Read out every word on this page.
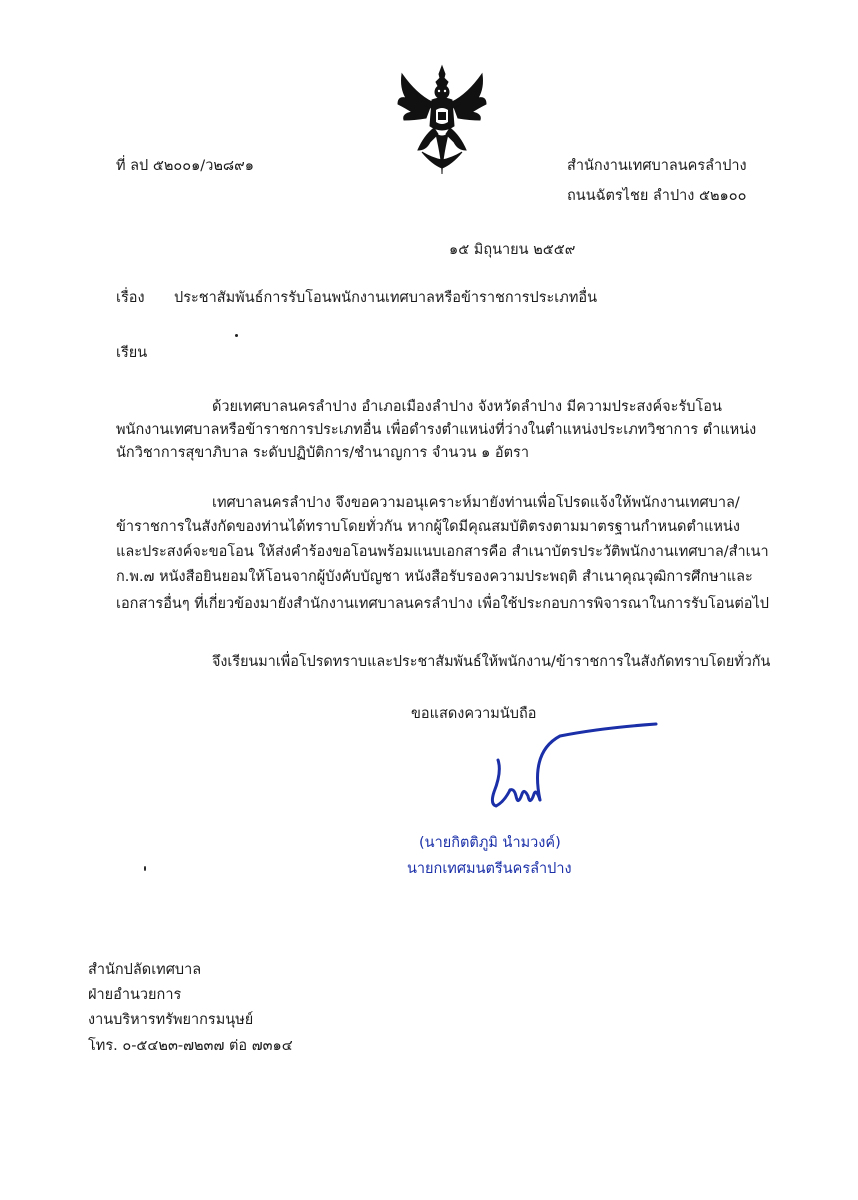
ที่ ลป ๕๒๐๐๑/ว๒๘๙๑	สำนักงานเทศบาลนครลำปาง
ถนนฉัตรไชย ลำปาง ๕๒๑๐๐
๑๕ มิถุนายน ๒๕๕๙
เรื่อง ประชาสัมพันธ์การรับโอนพนักงานเทศบาลหรือข้าราชการประเภทอื่น
เรียน
ด้วยเทศบาลนครลำปาง อำเภอเมืองลำปาง จังหวัดลำปาง มีความประสงค์จะรับโอน
พนักงานเทศบาลหรือข้าราชการประเภทอื่น เพื่อดำรงตำแหน่งที่ว่างในตำแหน่งประเภทวิชาการ ตำแหน่ง
นักวิชาการสุขาภิบาล ระดับปฏิบัติการ/ชำนาญการ จำนวน ๑ อัตรา
เทศบาลนครลำปาง จึงขอความอนุเคราะห์มายังท่านเพื่อโปรดแจ้งให้พนักงานเทศบาล/
ข้าราชการในสังกัดของท่านได้ทราบโดยทั่วกัน หากผู้ใดมีคุณสมบัติตรงตามมาตรฐานกำหนดตำแหน่ง
และประสงค์จะขอโอน ให้ส่งคำร้องขอโอนพร้อมแนบเอกสารคือ สำเนาบัตรประวัติพนักงานเทศบาล/สำเนา
ก.พ.๗ หนังสือยินยอมให้โอนจากผู้บังคับบัญชา หนังสือรับรองความประพฤติ สำเนาคุณวุฒิการศึกษาและ
เอกสารอื่นๆ ที่เกี่ยวข้องมายังสำนักงานเทศบาลนครลำปาง เพื่อใช้ประกอบการพิจารณาในการรับโอนต่อไป
จึงเรียนมาเพื่อโปรดทราบและประชาสัมพันธ์ให้พนักงาน/ข้าราชการในสังกัดทราบโดยทั่วกัน
ขอแสดงความนับถือ
(นายกิตติภูมิ นำมวงค์)
นายกเทศมนตรีนครลำปาง
สำนักปลัดเทศบาล
ฝ่ายอำนวยการ
งานบริหารทรัพยากรมนุษย์
โทร. ๐-๕๔๒๓-๗๒๓๗ ต่อ ๗๓๑๔
